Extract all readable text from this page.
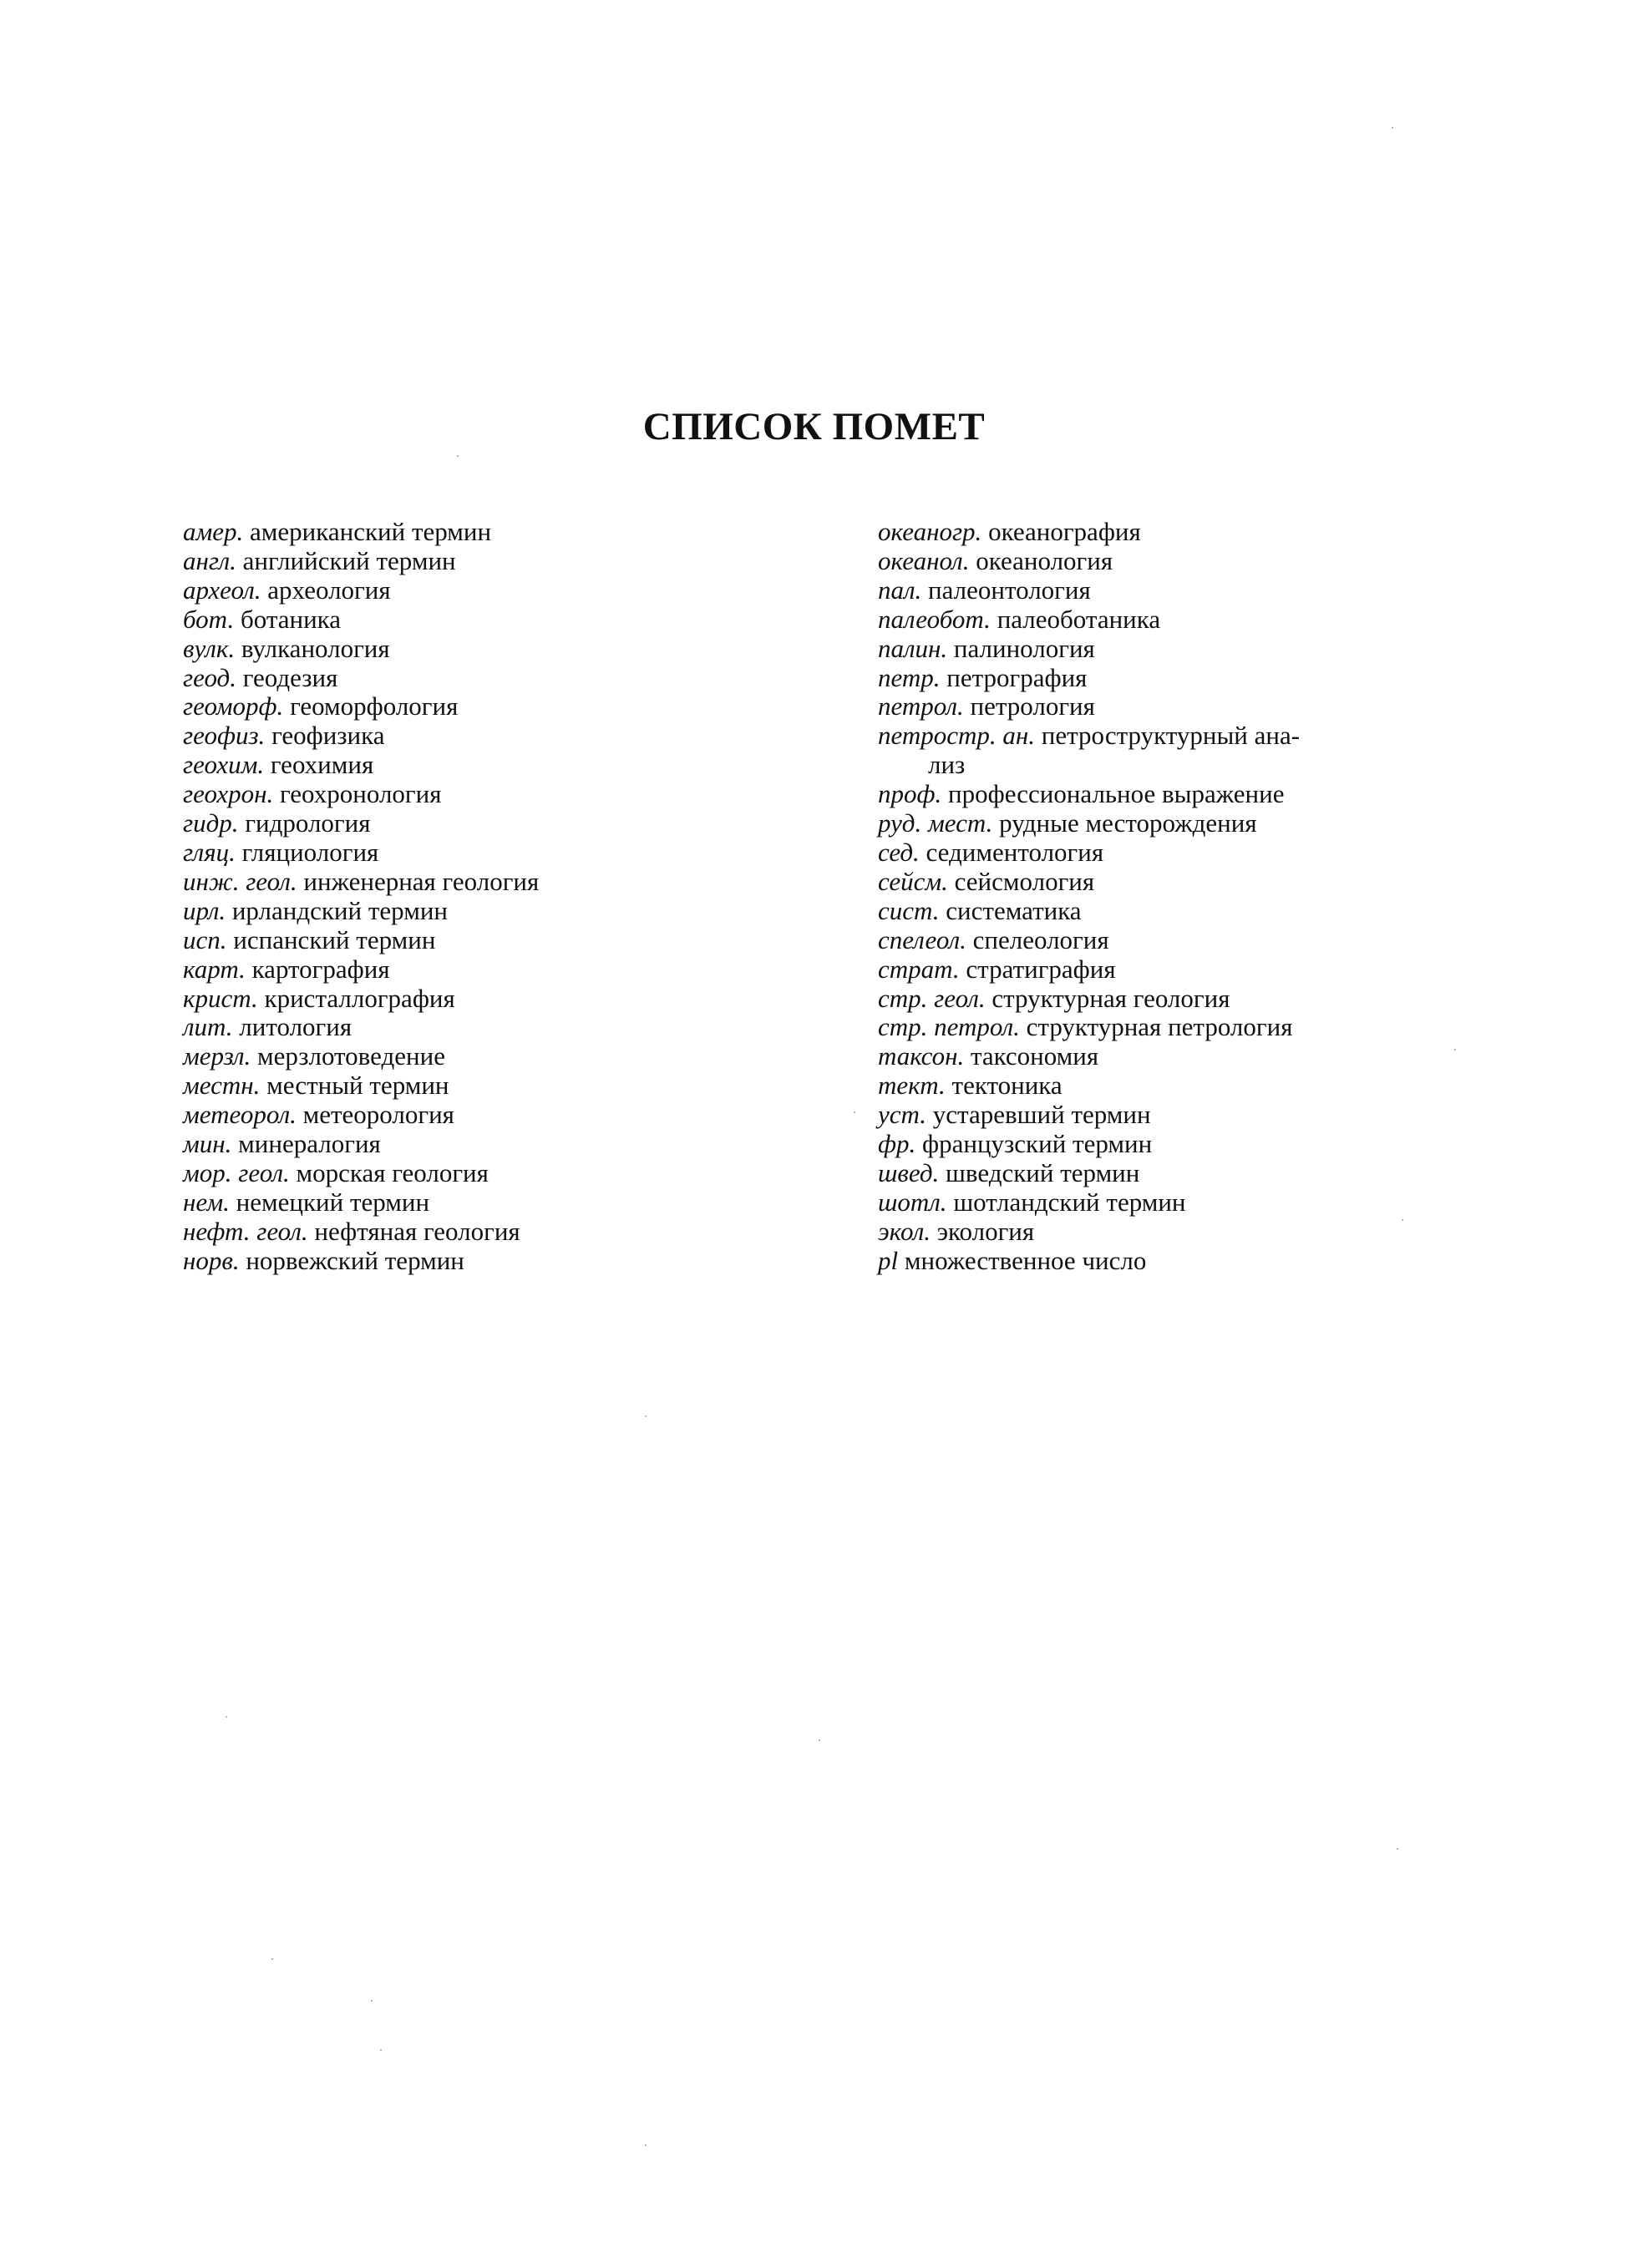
СПИСОК ПОМЕТ
амер. американский термин
англ. английский термин
археол. археология
бот. ботаника
вулк. вулканология
геод. геодезия
геоморф. геоморфология
геофиз. геофизика
геохим. геохимия
геохрон. геохронология
гидр. гидрология
гляц. гляциология
инж. геол. инженерная геология
ирл. ирландский термин
исп. испанский термин
карт. картография
крист. кристаллография
лит. литология
мерзл. мерзлотоведение
местн. местный термин
метеорол. метеорология
мин. минералогия
мор. геол. морская геология
нем. немецкий термин
нефт. геол. нефтяная геология
норв. норвежский термин
океаногр. океанография
океанол. океанология
пал. палеонтология
палеобот. палеоботаника
палин. палинология
петр. петрография
петрол. петрология
петростр. ан. петроструктурный ана-
лиз
проф. профессиональное выражение
руд. мест. рудные месторождения
сед. седиментология
сейсм. сейсмология
сист. систематика
спелеол. спелеология
страт. стратиграфия
стр. геол. структурная геология
стр. петрол. структурная петрология
таксон. таксономия
тект. тектоника
уст. устаревший термин
фр. французский термин
швед. шведский термин
шотл. шотландский термин
экол. экология
pl множественное число
